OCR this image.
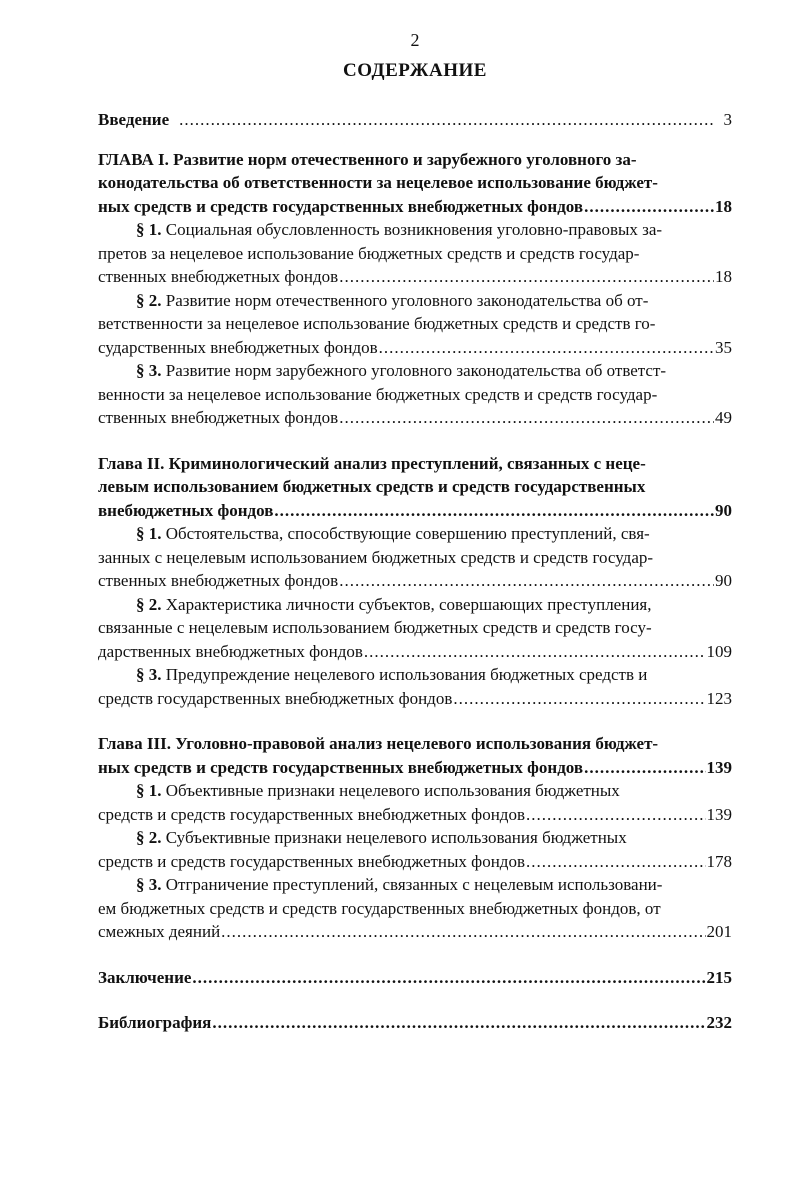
2
СОДЕРЖАНИЕ
Введение .....	3
ГЛАВА I. Развитие норм отечественного и зарубежного уголовного за-
конодательства об ответственности за нецелевое использование бюджет-
ных средств и средств государственных внебюджетных фондов .....	18
§ 1. Социальная обусловленность возникновения уголовно-правовых за-
претов за нецелевое использование бюджетных средств и средств государ-
ственных внебюджетных фондов .....	18
§ 2. Развитие норм отечественного уголовного законодательства об от-
ветственности за нецелевое использование бюджетных средств и средств го-
сударственных внебюджетных фондов .....	35
§ 3. Развитие норм зарубежного уголовного законодательства об ответст-
венности за нецелевое использование бюджетных средств и средств государ-
ственных внебюджетных фондов .....	49
Глава II. Криминологический анализ преступлений, связанных с неце-
левым использованием бюджетных средств и средств государственных
внебюджетных фондов .....	90
§ 1. Обстоятельства, способствующие совершению преступлений, свя-
занных с нецелевым использованием бюджетных средств и средств государ-
ственных внебюджетных фондов .....	90
§ 2. Характеристика личности субъектов, совершающих преступления,
связанные с нецелевым использованием бюджетных средств и средств госу-
дарственных внебюджетных фондов .....	109
§ 3. Предупреждение нецелевого использования бюджетных средств и
средств государственных внебюджетных фондов .....	123
Глава III. Уголовно-правовой анализ нецелевого использования бюджет-
ных средств и средств государственных внебюджетных фондов .....	139
§ 1. Объективные признаки нецелевого использования бюджетных
средств и средств государственных внебюджетных фондов .....	139
§ 2. Субъективные признаки нецелевого использования бюджетных
средств и средств государственных внебюджетных фондов .....	178
§ 3. Отграничение преступлений, связанных с нецелевым использовани-
ем бюджетных средств и средств государственных внебюджетных фондов, от
смежных деяний .....	201
Заключение .....	215
Библиография .....	232
